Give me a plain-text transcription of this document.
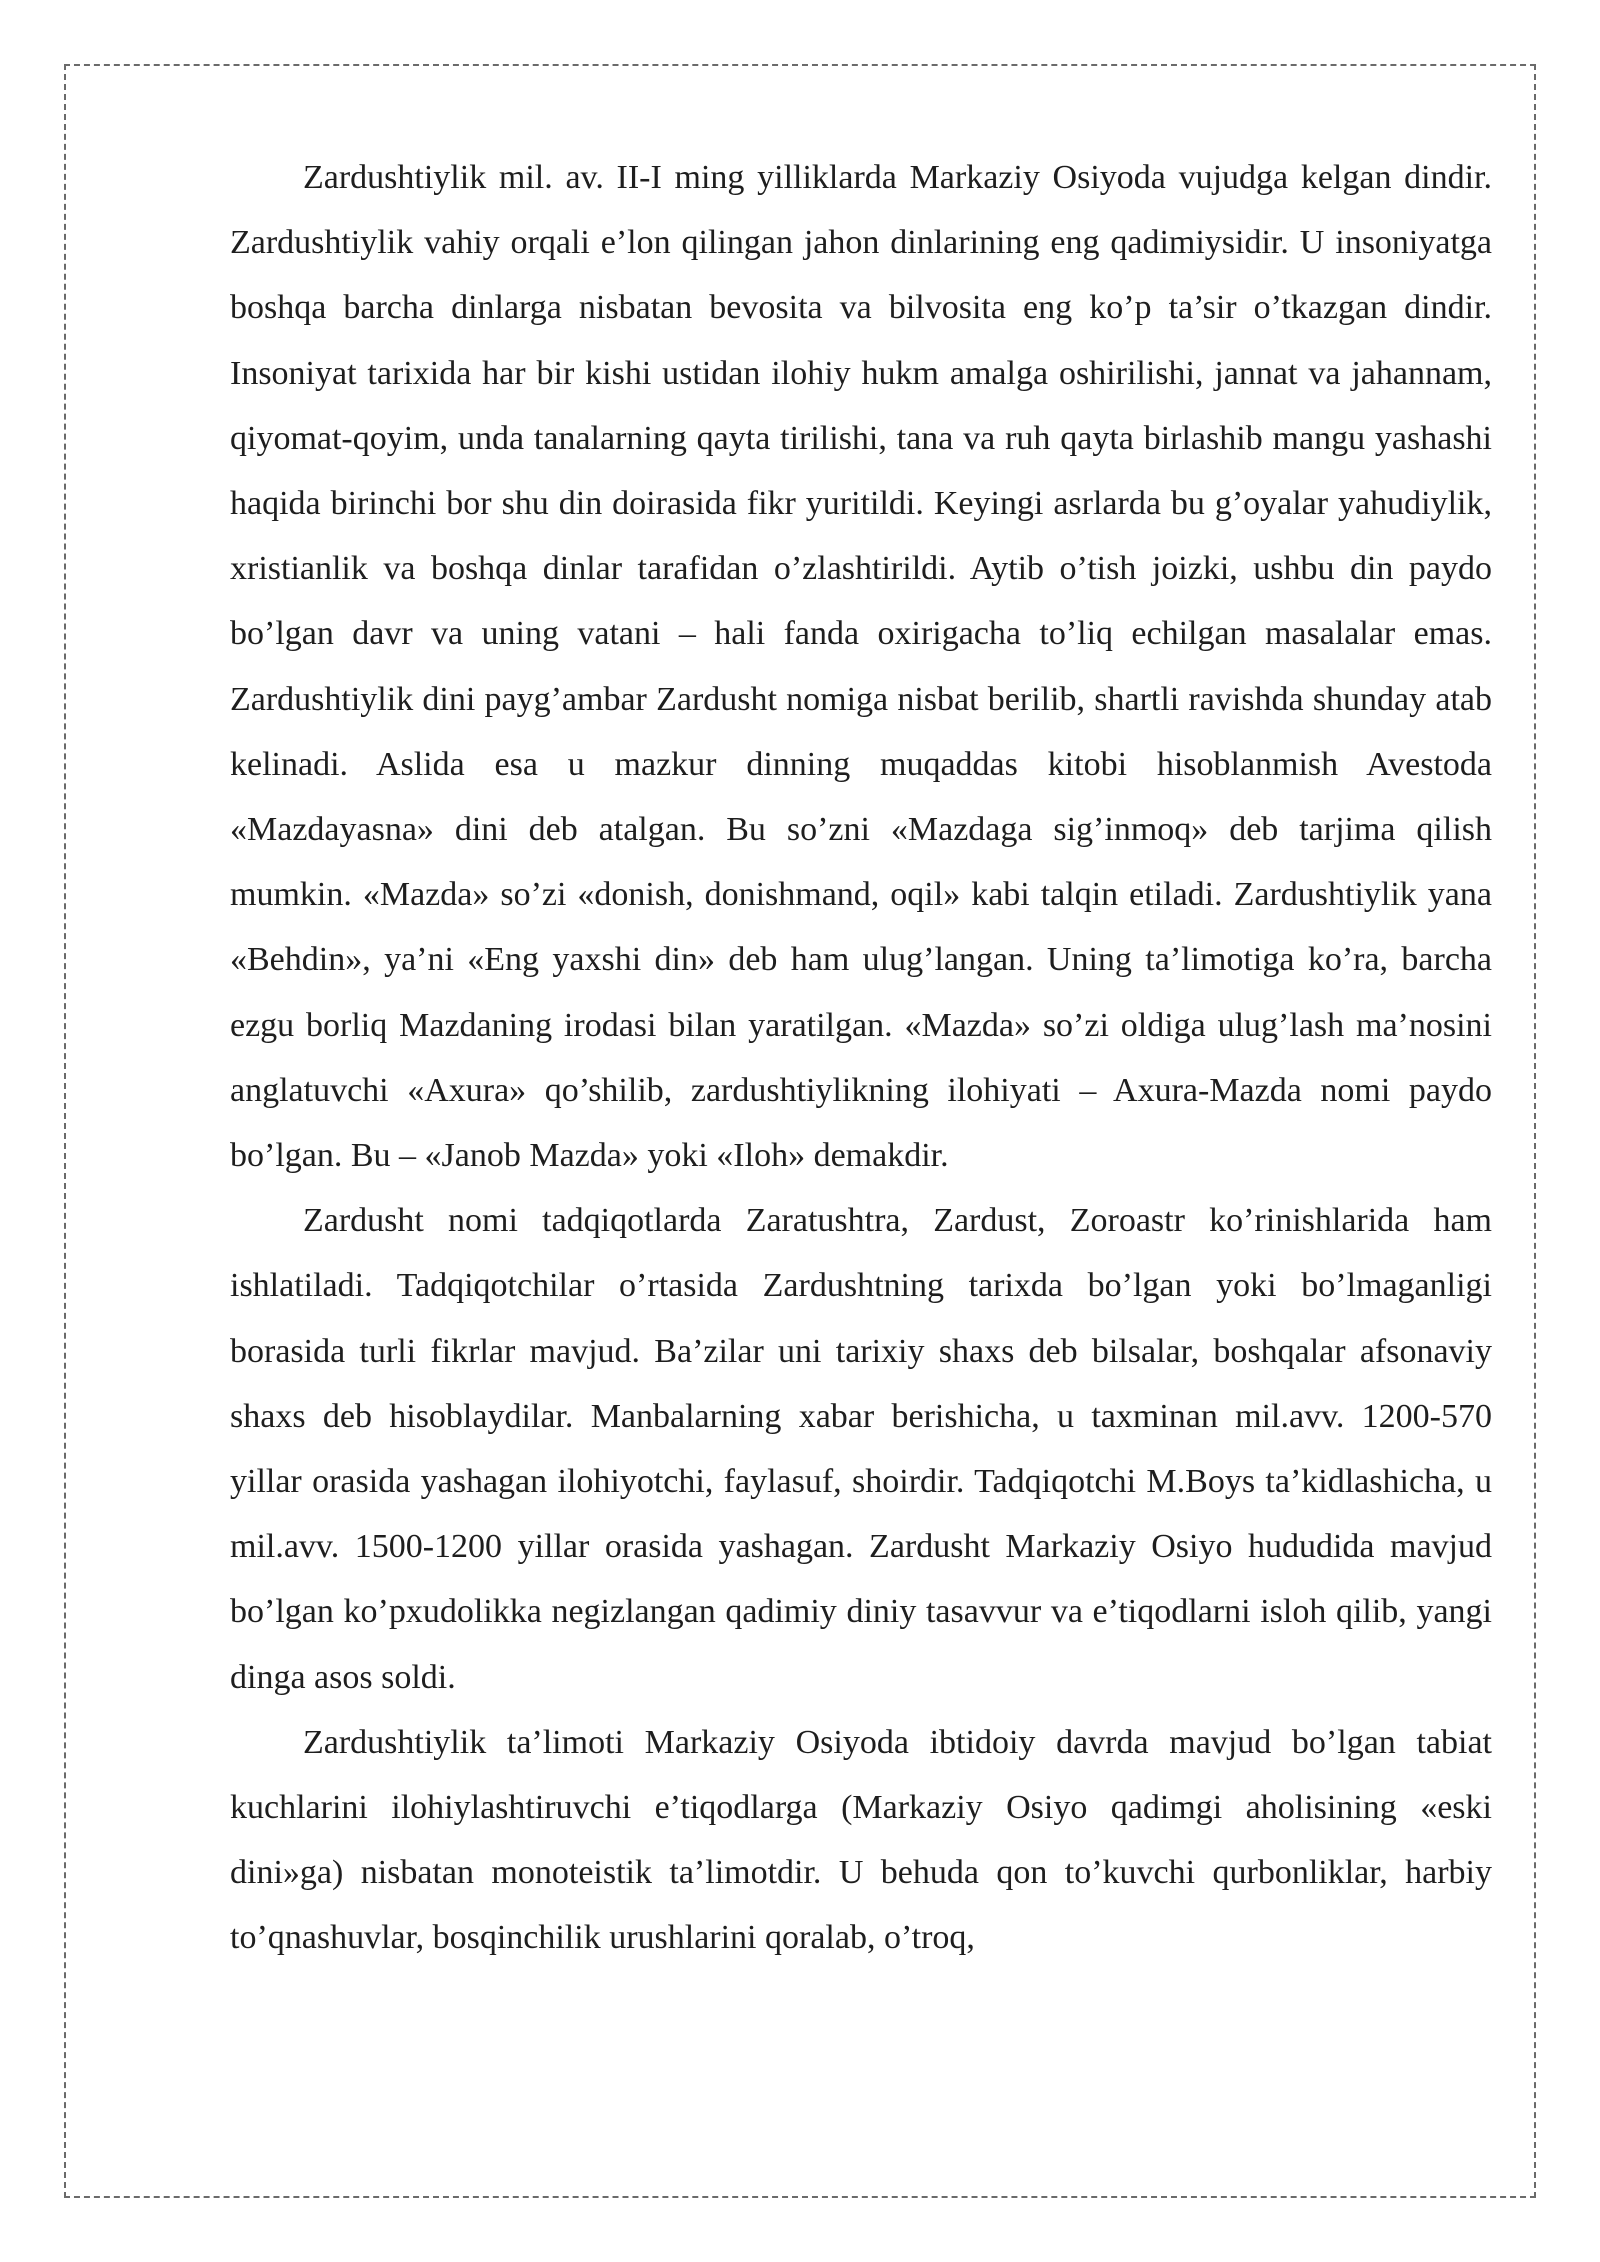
Zardushtiylik mil. av. II-I ming yilliklarda Markaziy Osiyoda vujudga kelgan dindir. Zardushtiylik vahiy orqali e’lon qilingan jahon dinlarining eng qadimiysidir. U insoniyatga boshqa barcha dinlarga nisbatan bevosita va bilvosita eng ko’p ta’sir o’tkazgan dindir. Insoniyat tarixida har bir kishi ustidan ilohiy hukm amalga oshirilishi, jannat va jahannam, qiyomat-qoyim, unda tanalarning qayta tirilishi, tana va ruh qayta birlashib mangu yashashi haqida birinchi bor shu din doirasida fikr yuritildi. Keyingi asrlarda bu g’oyalar yahudiylik, xristianlik va boshqa dinlar tarafidan o’zlashtirildi. Aytib o’tish joizki, ushbu din paydo bo’lgan davr va uning vatani – hali fanda oxirigacha to’liq echilgan masalalar emas. Zardushtiylik dini payg’ambar Zardusht nomiga nisbat berilib, shartli ravishda shunday atab kelinadi. Aslida esa u mazkur dinning muqaddas kitobi hisoblanmish Avestoda «Mazdayasna» dini deb atalgan. Bu so’zni «Mazdaga sig’inmoq» deb tarjima qilish mumkin. «Mazda» so’zi «donish, donishmand, oqil» kabi talqin etiladi. Zardushtiylik yana «Behdin», ya’ni «Eng yaxshi din» deb ham ulug’langan. Uning ta’limotiga ko’ra, barcha ezgu borliq Mazdaning irodasi bilan yaratilgan. «Mazda» so’zi oldiga ulug’lash ma’nosini anglatuvchi «Axura» qo’shilib, zardushtiylikning ilohiyati – Axura-Mazda nomi paydo bo’lgan. Bu – «Janob Mazda» yoki «Iloh» demakdir.

Zardusht nomi tadqiqotlarda Zaratushtra, Zardust, Zoroastr ko’rinishlarida ham ishlatiladi. Tadqiqotchilar o’rtasida Zardushtning tarixda bo’lgan yoki bo’lmaganligi borasida turli fikrlar mavjud. Ba’zilar uni tarixiy shaxs deb bilsalar, boshqalar afsonaviy shaxs deb hisoblaydilar. Manbalarning xabar berishicha, u taxminan mil.avv. 1200-570 yillar orasida yashagan ilohiyotchi, faylasuf, shoirdir. Tadqiqotchi M.Boys ta’kidlashicha, u mil.avv. 1500-1200 yillar orasida yashagan. Zardusht Markaziy Osiyo hududida mavjud bo’lgan ko’pxudolikka negizlangan qadimiy diniy tasavvur va e’tiqodlarni isloh qilib, yangi dinga asos soldi.

Zardushtiylik ta’limoti Markaziy Osiyoda ibtidoiy davrda mavjud bo’lgan tabiat kuchlarini ilohiylashtiruvchi e’tiqodlarga (Markaziy Osiyo qadimgi aholisining «eski dini»ga) nisbatan monoteistik ta’limotdir. U behuda qon to’kuvchi qurbonliklar, harbiy to’qnashuvlar, bosqinchilik urushlarini qoralab, o’troq,
